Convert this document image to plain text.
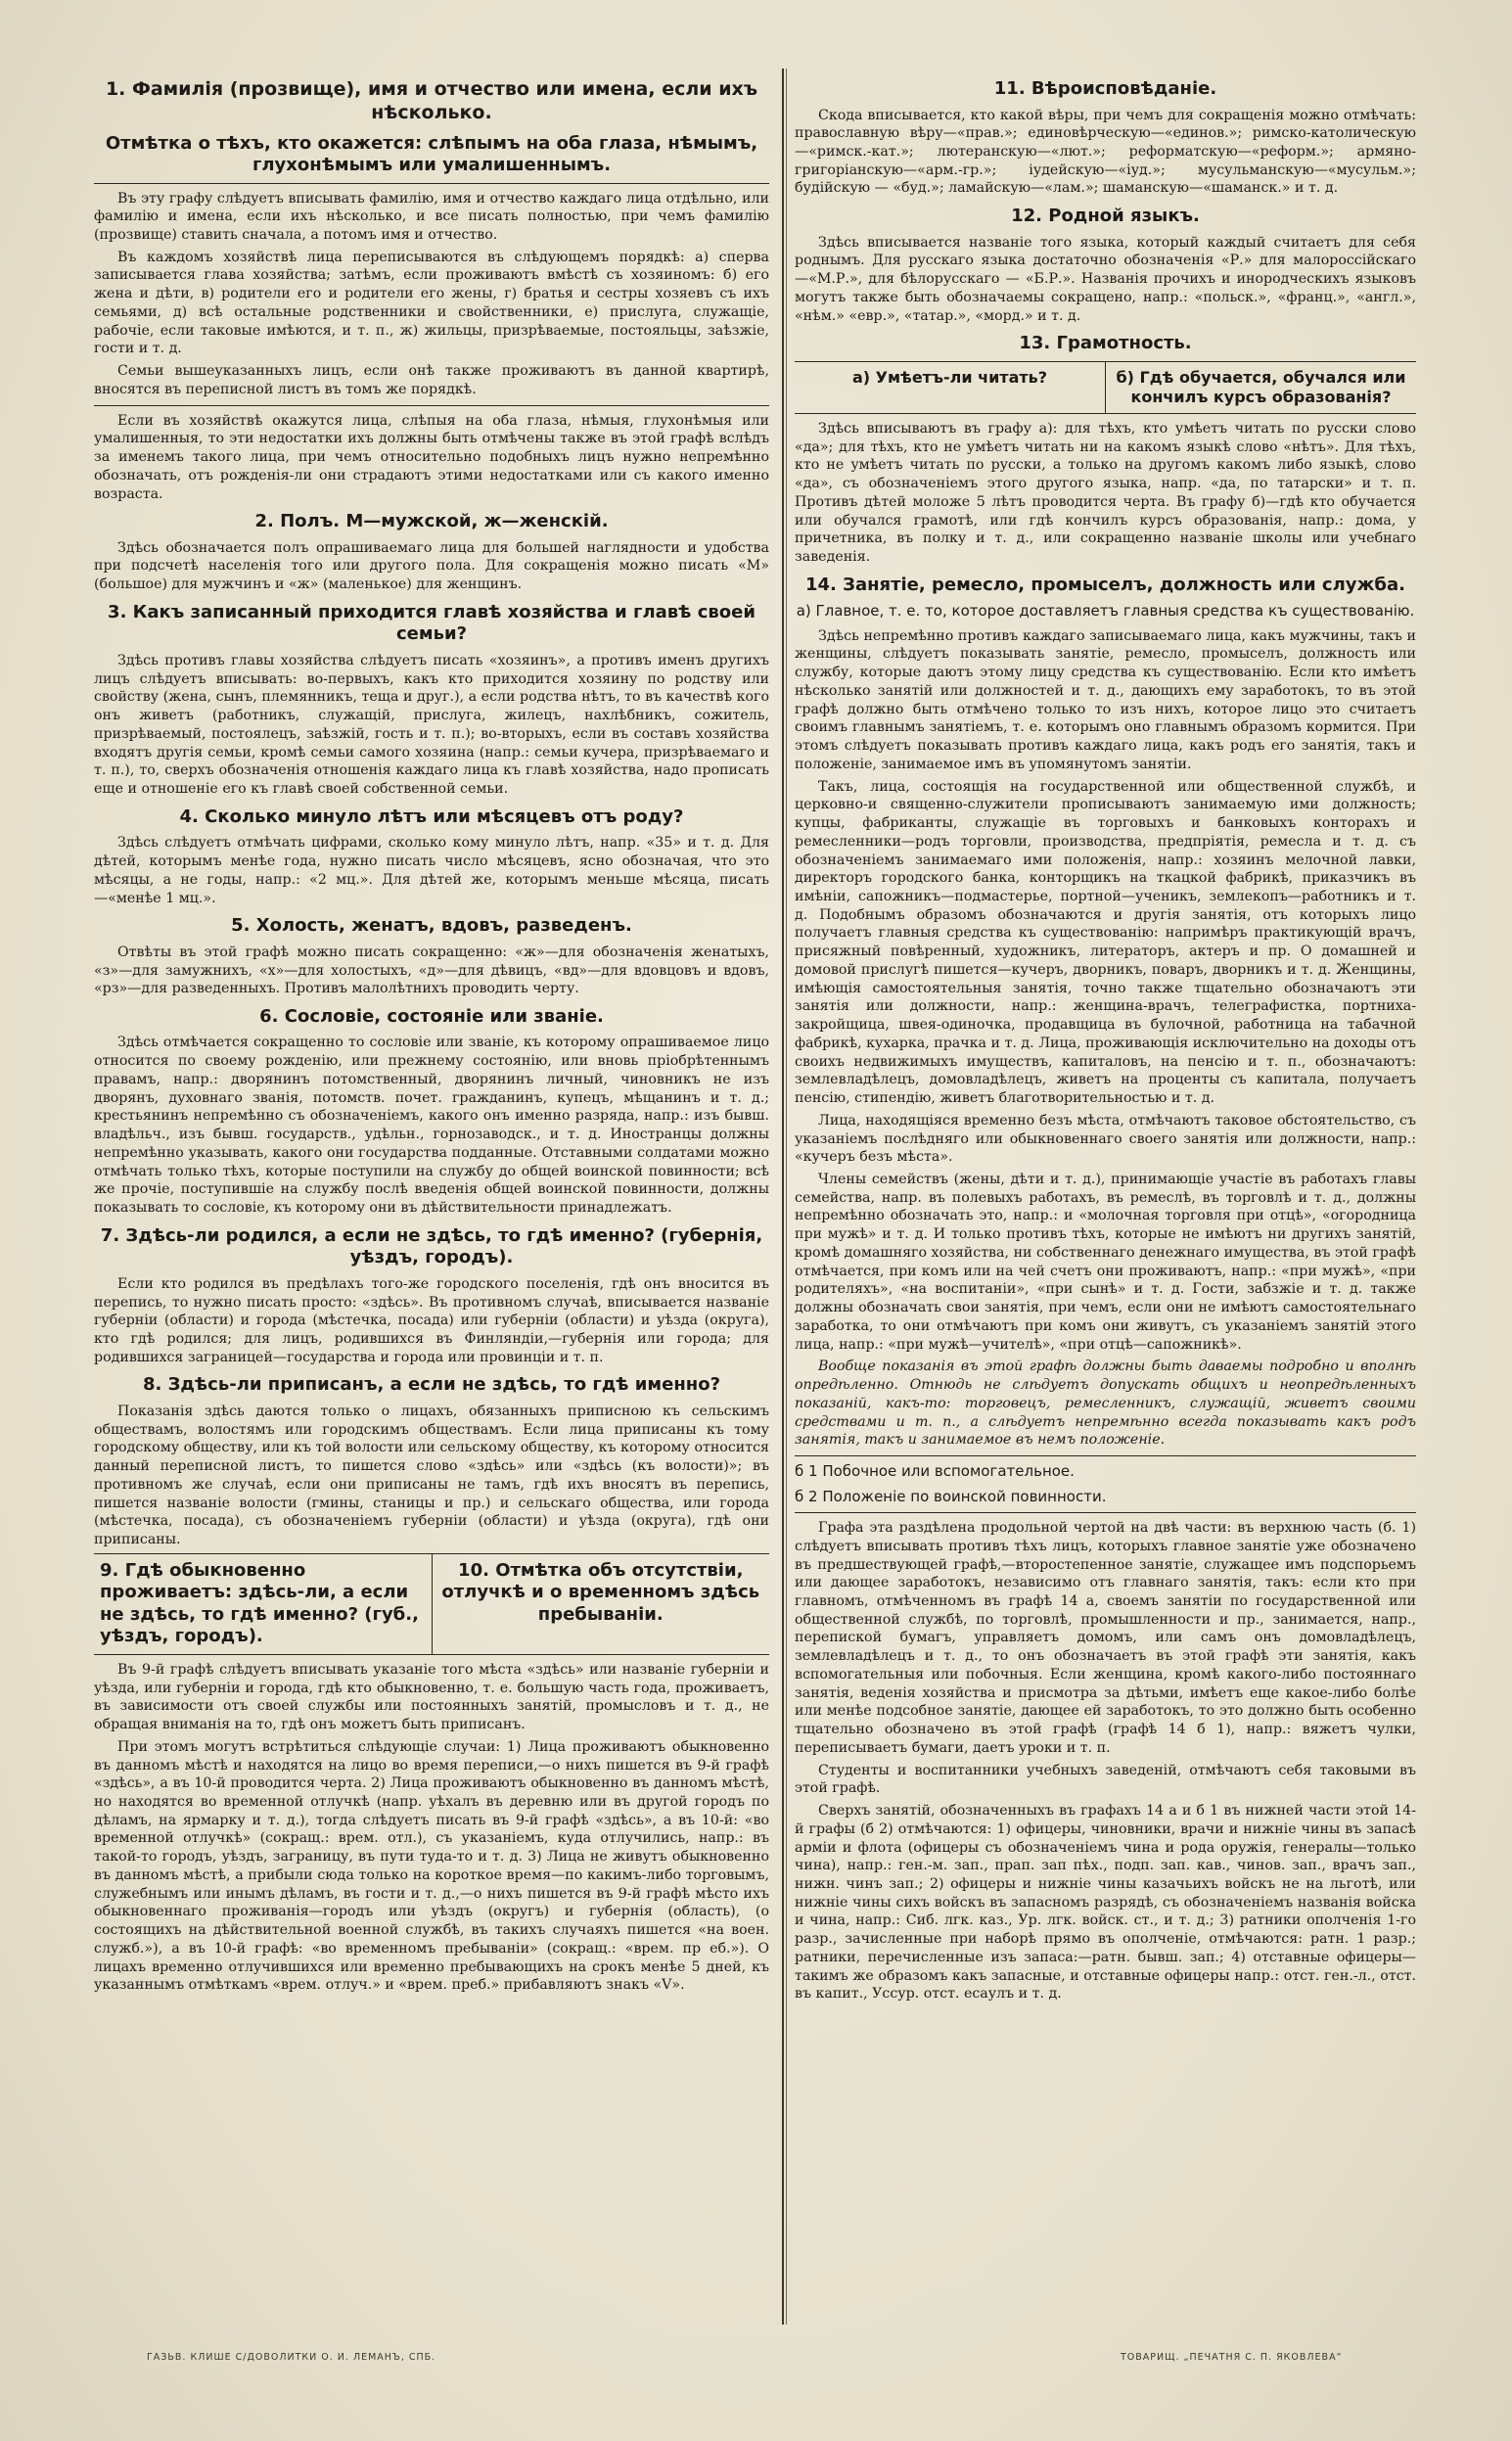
1. Фамилія (прозвище), имя и отчество или имена, если ихъ нѣсколько.
Отмѣтка о тѣхъ, кто окажется: слѣпымъ на оба глаза, нѣмымъ, глухонѣмымъ или умалишеннымъ.

Въ эту графу слѣдуетъ вписывать фамилію, имя и отчество каждаго лица отдѣльно, или фамилію и имена, если ихъ нѣсколько, и все писать полностью, при чемъ фамилію (прозвище) ставить сначала, а потомъ имя и отчество.

Въ каждомъ хозяйствѣ лица переписываются въ слѣдующемъ порядкѣ: а) сперва записывается глава хозяйства; затѣмъ, если проживаютъ вмѣстѣ съ хозяиномъ: б) его жена и дѣти, в) родители его и родители его жены, г) братья и сестры хозяевъ съ ихъ семьями, д) всѣ остальные родственники и свойственники, е) прислуга, служащіе, рабочіе, если таковые имѣются, и т. п., ж) жильцы, призрѣваемые, постояльцы, заѣзжіе, гости и т. д.

Семьи вышеуказанныхъ лицъ, если онѣ также проживаютъ въ данной квартирѣ, вносятся въ переписной листъ въ томъ же порядкѣ.

Если въ хозяйствѣ окажутся лица, слѣпыя на оба глаза, нѣмыя, глухонѣмыя или умалишенныя, то эти недостатки ихъ должны быть отмѣчены также въ этой графѣ вслѣдъ за именемъ такого лица, при чемъ относительно подобныхъ лицъ нужно непремѣнно обозначать, отъ рожденія-ли они страдаютъ этими недостатками или съ какого именно возраста.

2. Полъ. М—мужской, ж—женскій.

Здѣсь обозначается полъ опрашиваемаго лица для большей наглядности и удобства при подсчетѣ населенія того или другого пола. Для сокращенія можно писать «М» (большое) для мужчинъ и «ж» (маленькое) для женщинъ.

3. Какъ записанный приходится главѣ хозяйства и главѣ своей семьи?

Здѣсь противъ главы хозяйства слѣдуетъ писать «хозяинъ», а противъ именъ другихъ лицъ слѣдуетъ вписывать: во-первыхъ, какъ кто приходится хозяину по родству или свойству (жена, сынъ, племянникъ, теща и друг.), а если родства нѣтъ, то въ качествѣ кого онъ живетъ (работникъ, служащій, прислуга, жилецъ, нахлѣбникъ, сожитель, призрѣваемый, постоялецъ, заѣзжій, гость и т. п.); во-вторыхъ, если въ составъ хозяйства входятъ другія семьи, кромѣ семьи самого хозяина (напр.: семьи кучера, призрѣваемаго и т. п.), то, сверхъ обозначенія отношенія каждаго лица къ главѣ хозяйства, надо прописать еще и отношеніе его къ главѣ своей собственной семьи.

4. Сколько минуло лѣтъ или мѣсяцевъ отъ роду?

Здѣсь слѣдуетъ отмѣчать цифрами, сколько кому минуло лѣтъ, напр. «35» и т. д. Для дѣтей, которымъ менѣе года, нужно писать число мѣсяцевъ, ясно обозначая, что это мѣсяцы, а не годы, напр.: «2 мц.». Для дѣтей же, которымъ меньше мѣсяца, писать—«менѣе 1 мц.».

5. Холость, женатъ, вдовъ, разведенъ.

Отвѣты въ этой графѣ можно писать сокращенно: «ж»—для обозначенія женатыхъ, «з»—для замужнихъ, «х»—для холостыхъ, «д»—для дѣвицъ, «вд»—для вдовцовъ и вдовъ, «рз»—для разведенныхъ. Противъ малолѣтнихъ проводить черту.

6. Сословіе, состояніе или званіе.

Здѣсь отмѣчается сокращенно то сословіе или званіе, къ которому опрашиваемое лицо относится по своему рожденію, или прежнему состоянію, или вновь пріобрѣтеннымъ правамъ, напр.: дворянинъ потомственный, дворянинъ личный, чиновникъ не изъ дворянъ, духовнаго званія, потомств. почет. гражданинъ, купецъ, мѣщанинъ и т. д.; крестьянинъ непремѣнно съ обозначеніемъ, какого онъ именно разряда, напр.: изъ бывш. владѣльч., изъ бывш. государств., удѣльн., горнозаводск., и т. д. Иностранцы должны непремѣнно указывать, какого они государства подданные. Отставными солдатами можно отмѣчать только тѣхъ, которые поступили на службу до общей воинской повинности; всѣ же прочіе, поступившіе на службу послѣ введенія общей воинской повинности, должны показывать то сословіе, къ которому они въ дѣйствительности принадлежатъ.

7. Здѣсь-ли родился, а если не здѣсь, то гдѣ именно? (губернія, уѣздъ, городъ).

Если кто родился въ предѣлахъ того-же городского поселенія, гдѣ онъ вносится въ перепись, то нужно писать просто: «здѣсь». Въ противномъ случаѣ, вписывается названіе губерніи (области) и города (мѣстечка, посада) или губерніи (области) и уѣзда (округа), кто гдѣ родился; для лицъ, родившихся въ Финляндіи,—губернія или города; для родившихся заграницей—государства и города или провинціи и т. п.

8. Здѣсь-ли приписанъ, а если не здѣсь, то гдѣ именно?

Показанія здѣсь даются только о лицахъ, обязанныхъ приписною къ сельскимъ обществамъ, волостямъ или городскимъ обществамъ. Если лица приписаны къ тому городскому обществу, или къ той волости или сельскому обществу, къ которому относится данный переписной листъ, то пишется слово «здѣсь» или «здѣсь (къ волости)»; въ противномъ же случаѣ, если они приписаны не тамъ, гдѣ ихъ вносятъ въ перепись, пишется названіе волости (гмины, станицы и пр.) и сельскаго общества, или города (мѣстечка, посада), съ обозначеніемъ губерніи (области) и уѣзда (округа), гдѣ они приписаны.

9. Гдѣ обыкновенно проживаетъ: здѣсь-ли, а если не здѣсь, то гдѣ именно? (губ., уѣздъ, городъ).
10. Отмѣтка объ отсутствіи, отлучкѣ и о временномъ здѣсь пребываніи.

Въ 9-й графѣ слѣдуетъ вписывать указаніе того мѣста «здѣсь» или названіе губерніи и уѣзда, или губерніи и города, гдѣ кто обыкновенно, т. е. большую часть года, проживаетъ, въ зависимости отъ своей службы или постоянныхъ занятій, промысловъ и т. д., не обращая вниманія на то, гдѣ онъ можетъ быть приписанъ.

При этомъ могутъ встрѣтиться слѣдующіе случаи: 1) Лица проживаютъ обыкновенно въ данномъ мѣстѣ и находятся на лицо во время переписи,—о нихъ пишется въ 9-й графѣ «здѣсь», а въ 10-й проводится черта. 2) Лица проживаютъ обыкновенно въ данномъ мѣстѣ, но находятся во временной отлучкѣ (напр. уѣхалъ въ деревню или въ другой городъ по дѣламъ, на ярмарку и т. д.), тогда слѣдуетъ писать въ 9-й графѣ «здѣсь», а въ 10-й: «во временной отлучкѣ» (сокращ.: врем. отл.), съ указаніемъ, куда отлучились, напр.: въ такой-то городъ, уѣздъ, заграницу, въ пути туда-то и т. д. 3) Лица не живутъ обыкновенно въ данномъ мѣстѣ, а прибыли сюда только на короткое время—по какимъ-либо торговымъ, служебнымъ или инымъ дѣламъ, въ гости и т. д.,—о нихъ пишется въ 9-й графѣ мѣсто ихъ обыкновеннаго проживанія—городъ или уѣздъ (округъ) и губернія (область), (о состоящихъ на дѣйствительной военной службѣ, въ такихъ случаяхъ пишется «на воен. служб.»), а въ 10-й графѣ: «во временномъ пребываніи» (сокращ.: «врем. пр еб.»). О лицахъ временно отлучившихся или временно пребывающихъ на срокъ менѣе 5 дней, къ указаннымъ отмѣткамъ «врем. отлуч.» и «врем. преб.» прибавляютъ знакъ «V».

11. Вѣроисповѣданіе.

Скода вписывается, кто какой вѣры, при чемъ для сокращенія можно отмѣчать: православную вѣру—«прав.»; единовѣрческую—«единов.»; римско-католическую—«римск.-кат.»; лютеранскую—«лют.»; реформатскую—«реформ.»; армяно-григоріанскую—«арм.-гр.»; іудейскую—«іуд.»; мусульманскую—«мусульм.»; будійскую — «буд.»; ламайскую—«лам.»; шаманскую—«шаманск.» и т. д.

12. Родной языкъ.

Здѣсь вписывается названіе того языка, который каждый считаетъ для себя роднымъ. Для русскаго языка достаточно обозначенія «Р.» для малороссійскаго—«М.Р.», для бѣлорусскаго — «Б.Р.». Названія прочихъ и инородческихъ языковъ могутъ также быть обозначаемы сокращено, напр.: «польск.», «франц.», «англ.», «нѣм.» «евр.», «татар.», «морд.» и т. д.

13. Грамотность.
а) Умѣетъ-ли читать?	б) Гдѣ обучается, обучался или кончилъ курсъ образованія?

Здѣсь вписываютъ въ графу а): для тѣхъ, кто умѣетъ читать по русски слово «да»; для тѣхъ, кто не умѣетъ читать ни на какомъ языкѣ слово «нѣтъ». Для тѣхъ, кто не умѣетъ читать по русски, а только на другомъ какомъ либо языкѣ, слово «да», съ обозначеніемъ этого другого языка, напр. «да, по татарски» и т. п. Противъ дѣтей моложе 5 лѣтъ проводится черта. Въ графу б)—гдѣ кто обучается или обучался грамотѣ, или гдѣ кончилъ курсъ образованія, напр.: дома, у причетника, въ полку и т. д., или сокращенно названіе школы или учебнаго заведенія.

14. Занятіе, ремесло, промыселъ, должность или служба.
а) Главное, т. е. то, которое доставляетъ главныя средства къ существованію.

Здѣсь непремѣнно противъ каждаго записываемаго лица, какъ мужчины, такъ и женщины, слѣдуетъ показывать занятіе, ремесло, промыселъ, должность или службу, которые даютъ этому лицу средства къ существованію. Если кто имѣетъ нѣсколько занятій или должностей и т. д., дающихъ ему заработокъ, то въ этой графѣ должно быть отмѣчено только то изъ нихъ, которое лицо это считаетъ своимъ главнымъ занятіемъ, т. е. которымъ оно главнымъ образомъ кормится. При этомъ слѣдуетъ показывать противъ каждаго лица, какъ родъ его занятія, такъ и положеніе, занимаемое имъ въ упомянутомъ занятіи.

Такъ, лица, состоящія на государственной или общественной службѣ, и церковно-и священно-служители прописываютъ занимаемую ими должность; купцы, фабриканты, служащіе въ торговыхъ и банковыхъ конторахъ и ремесленники—родъ торговли, производства, предпріятія, ремесла и т. д. съ обозначеніемъ занимаемаго ими положенія, напр.: хозяинъ мелочной лавки, директоръ городского банка, конторщикъ на ткацкой фабрикѣ, приказчикъ въ имѣніи, сапожникъ—подмастерье, портной—ученикъ, землекопъ—работникъ и т. д. Подобнымъ образомъ обозначаются и другія занятія, отъ которыхъ лицо получаетъ главныя средства къ существованію: напримѣръ практикующій врачъ, присяжный повѣренный, художникъ, литераторъ, актеръ и пр. О домашней и домовой прислугѣ пишется—кучеръ, дворникъ, поваръ, дворникъ и т. д. Женщины, имѣющія самостоятельныя занятія, точно также тщательно обозначаютъ эти занятія или должности, напр.: женщина-врачъ, телеграфистка, портниха-закройщица, швея-одиночка, продавщица въ булочной, работница на табачной фабрикѣ, кухарка, прачка и т. д. Лица, проживающія исключительно на доходы отъ своихъ недвижимыхъ имуществъ, капиталовъ, на пенсію и т. п., обозначаютъ: землевладѣлецъ, домовладѣлецъ, живетъ на проценты съ капитала, получаетъ пенсію, стипендію, живетъ благотворительностью и т. д.

Лица, находящіяся временно безъ мѣста, отмѣчаютъ таковое обстоятельство, съ указаніемъ послѣдняго или обыкновеннаго своего занятія или должности, напр.: «кучеръ безъ мѣста».

Члены семействъ (жены, дѣти и т. д.), принимающіе участіе въ работахъ главы семейства, напр. въ полевыхъ работахъ, въ ремеслѣ, въ торговлѣ и т. д., должны непремѣнно обозначать это, напр.: и «молочная торговля при отцѣ», «огородница при мужѣ» и т. д. И только противъ тѣхъ, которые не имѣютъ ни другихъ занятій, кромѣ домашняго хозяйства, ни собственнаго денежнаго имущества, въ этой графѣ отмѣчается, при комъ или на чей счетъ они проживаютъ, напр.: «при мужѣ», «при родителяхъ», «на воспитаніи», «при сынѣ» и т. д. Гости, забзжіе и т. д. также должны обозначать свои занятія, при чемъ, если они не имѣютъ самостоятельнаго заработка, то они отмѣчаютъ при комъ они живутъ, съ указаніемъ занятій этого лица, напр.: «при мужѣ—учителѣ», «при отцѣ—сапожникѣ».

Вообще показанія въ этой графѣ должны быть даваемы подробно и вполнѣ опредѣленно. Отнюдь не слѣдуетъ допускать общихъ и неопредѣленныхъ показаній, какъ-то: торговецъ, ремесленникъ, служащій, живетъ своими средствами и т. п., а слѣдуетъ непремѣнно всегда показывать какъ родъ занятія, такъ и занимаемое въ немъ положеніе.

б 1 Побочное или вспомогательное.
б 2 Положеніе по воинской повинности.

Графа эта раздѣлена продольной чертой на двѣ части: въ верхнюю часть (б. 1) слѣдуетъ вписывать противъ тѣхъ лицъ, которыхъ главное занятіе уже обозначено въ предшествующей графѣ,—второстепенное занятіе, служащее имъ подспорьемъ или дающее заработокъ, независимо отъ главнаго занятія, такъ: если кто при главномъ, отмѣченномъ въ графѣ 14 а, своемъ занятіи по государственной или общественной службѣ, по торговлѣ, промышленности и пр., занимается, напр., перепиской бумагъ, управляетъ домомъ, или самъ онъ домовладѣлецъ, землевладѣлецъ и т. д., то онъ обозначаетъ въ этой графѣ эти занятія, какъ вспомогательныя или побочныя. Если женщина, кромѣ какого-либо постояннаго занятія, веденія хозяйства и присмотра за дѣтьми, имѣетъ еще какое-либо болѣе или менѣе подсобное занятіе, дающее ей заработокъ, то это должно быть особенно тщательно обозначено въ этой графѣ (графѣ 14 б 1), напр.: вяжетъ чулки, переписываетъ бумаги, даетъ уроки и т. п.

Студенты и воспитанники учебныхъ заведеній, отмѣчаютъ себя таковыми въ этой графѣ.

Сверхъ занятій, обозначенныхъ въ графахъ 14 а и б 1 въ нижней части этой 14-й графы (б 2) отмѣчаются: 1) офицеры, чиновники, врачи и нижніе чины въ запасѣ арміи и флота (офицеры съ обозначеніемъ чина и рода оружія, генералы—только чина), напр.: ген.-м. зап., прап. зап пѣх., подп. зап. кав., чинов. зап., врачъ зап., нижн. чинъ зап.; 2) офицеры и нижніе чины казачьихъ войскъ не на льготѣ, или нижніе чины сихъ войскъ въ запасномъ разрядѣ, съ обозначеніемъ названія войска и чина, напр.: Сиб. лгк. каз., Ур. лгк. войск. ст., и т. д.; 3) ратники ополченія 1-го разр., зачисленные при наборѣ прямо въ ополченіе, отмѣчаются: ратн. 1 разр.; ратники, перечисленные изъ запаса:—ратн. бывш. зап.; 4) отставные офицеры—такимъ же образомъ какъ запасные, и отставные офицеры напр.: отст. ген.-л., отст. въ капит., Уссур. отст. есаулъ и т. д.

ГАЗЬВ. КЛИШЕ С/ДОВОЛИТКИ О. И. ЛЕМАНЪ, СПБ.	ТОВАРИЩ. „ПЕЧАТНЯ С. П. ЯКОВЛЕВА“
